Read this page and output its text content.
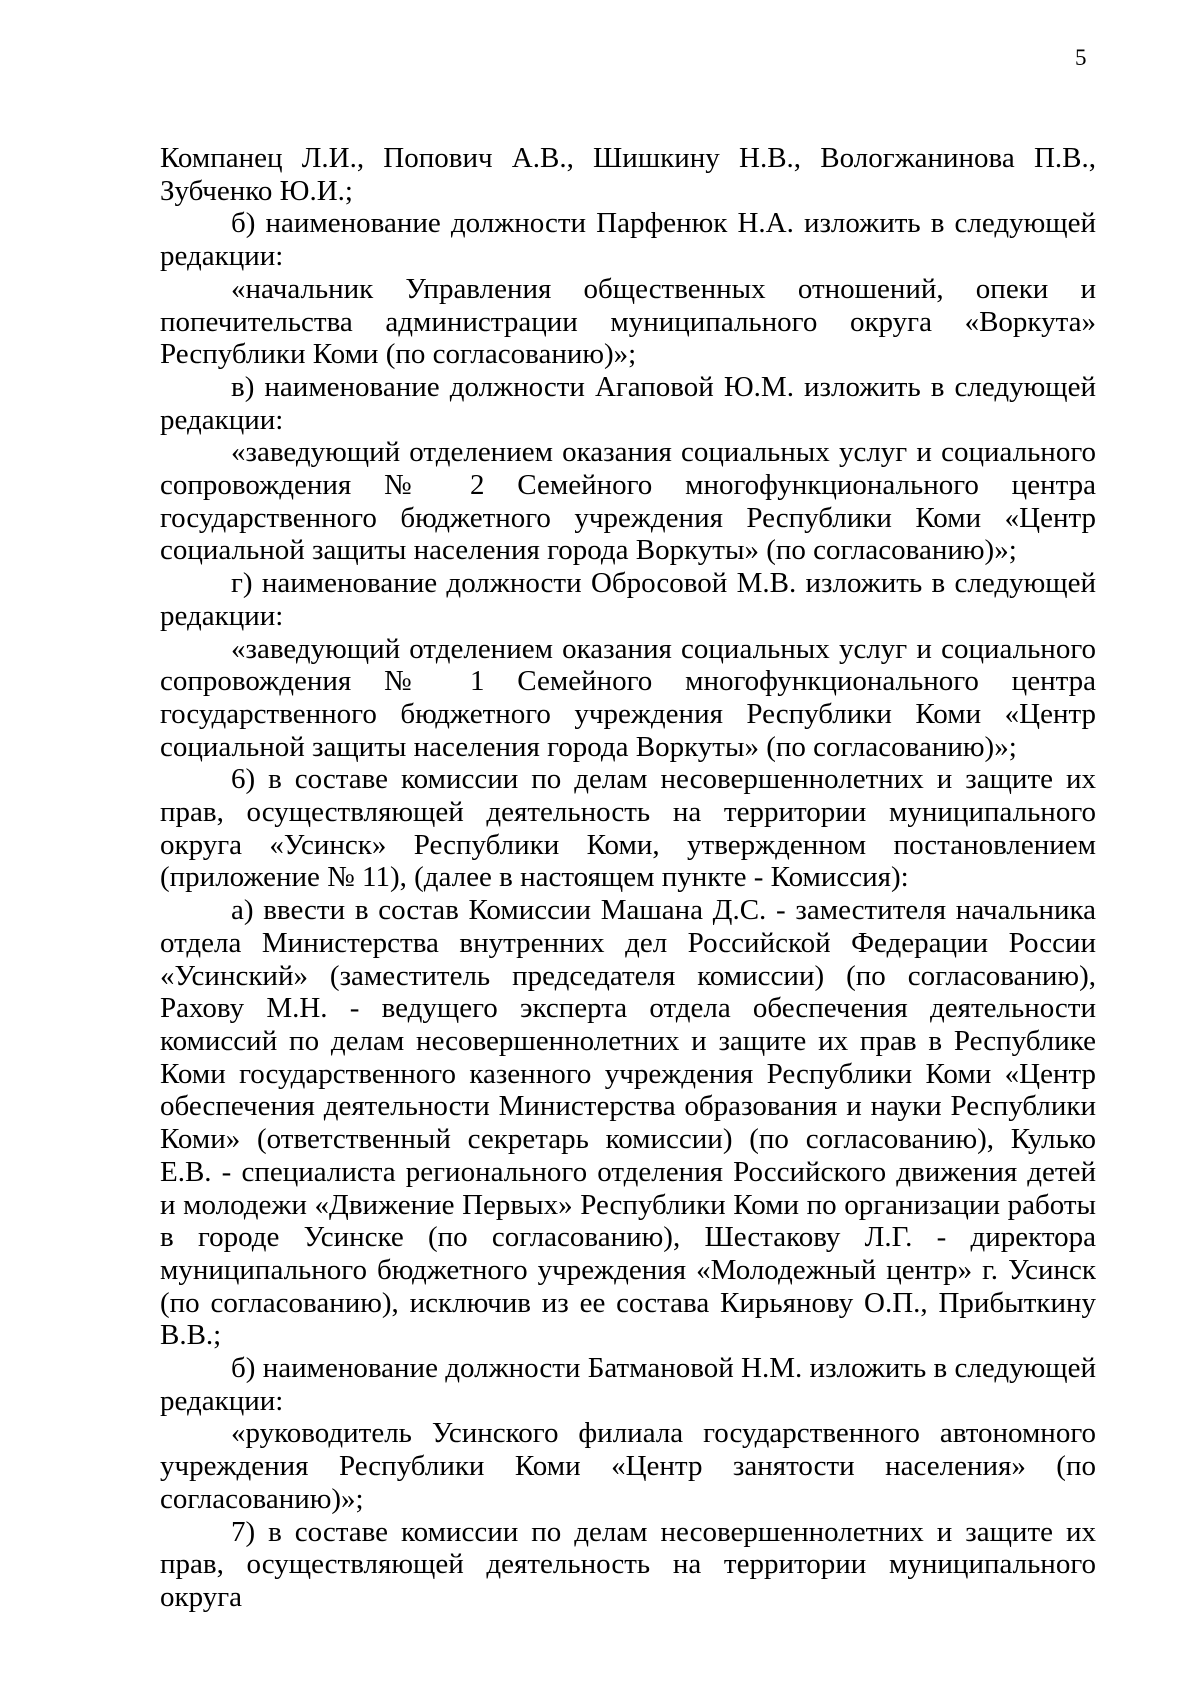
5

Компанец Л.И., Попович А.В., Шишкину Н.В., Вологжанинова П.В., Зубченко Ю.И.;

б) наименование должности Парфенюк Н.А. изложить в следующей редакции:

«начальник Управления общественных отношений, опеки и попечительства администрации муниципального округа «Воркута» Республики Коми (по согласованию)»;

в) наименование должности Агаповой Ю.М. изложить в следующей редакции:

«заведующий отделением оказания социальных услуг и социального сопровождения № 2 Семейного многофункционального центра государственного бюджетного учреждения Республики Коми «Центр социальной защиты населения города Воркуты» (по согласованию)»;

г) наименование должности Обросовой М.В. изложить в следующей редакции:

«заведующий отделением оказания социальных услуг и социального сопровождения № 1 Семейного многофункционального центра государственного бюджетного учреждения Республики Коми «Центр социальной защиты населения города Воркуты» (по согласованию)»;

6) в составе комиссии по делам несовершеннолетних и защите их прав, осуществляющей деятельность на территории муниципального округа «Усинск» Республики Коми, утвержденном постановлением (приложение № 11), (далее в настоящем пункте - Комиссия):

а) ввести в состав Комиссии Машана Д.С. - заместителя начальника отдела Министерства внутренних дел Российской Федерации России «Усинский» (заместитель председателя комиссии) (по согласованию), Рахову М.Н. - ведущего эксперта отдела обеспечения деятельности комиссий по делам несовершеннолетних и защите их прав в Республике Коми государственного казенного учреждения Республики Коми «Центр обеспечения деятельности Министерства образования и науки Республики Коми» (ответственный секретарь комиссии) (по согласованию), Кулько Е.В. - специалиста регионального отделения Российского движения детей и молодежи «Движение Первых» Республики Коми по организации работы в городе Усинске (по согласованию), Шестакову Л.Г. - директора муниципального бюджетного учреждения «Молодежный центр» г. Усинск (по согласованию), исключив из ее состава Кирьянову О.П., Прибыткину В.В.;

б) наименование должности Батмановой Н.М. изложить в следующей редакции:

«руководитель Усинского филиала государственного автономного учреждения Республики Коми «Центр занятости населения» (по согласованию)»;

7) в составе комиссии по делам несовершеннолетних и защите их прав, осуществляющей деятельность на территории муниципального округа
